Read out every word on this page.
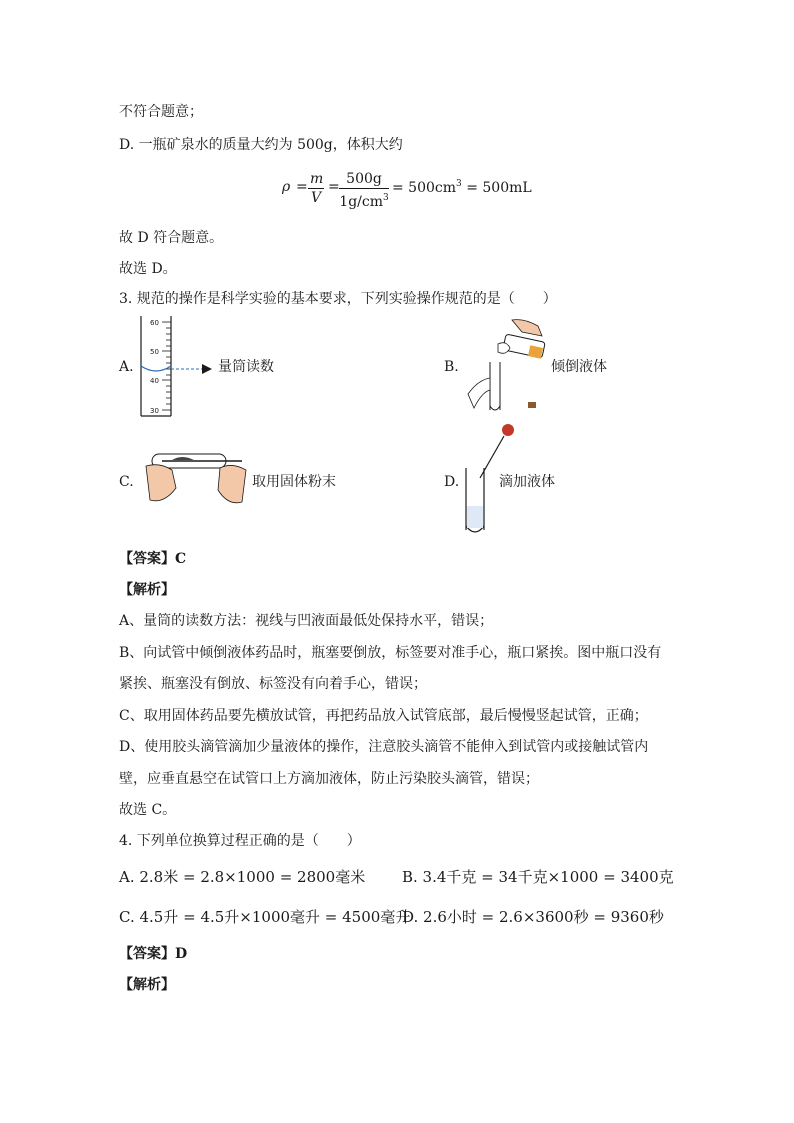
不符合题意；
D. 一瓶矿泉水的质量大约为 500g，体积大约
$\rho = \frac{m}{V} = \frac{500g}{1g/cm^3} = 500cm^3 = 500mL$
故 D 符合题意。
故选 D。
3. 规范的操作是科学实验的基本要求，下列实验操作规范的是（　　）
A.
60
50
40
30
量筒读数	B.	倾倒液体
C.	取用固体粉末	D.	滴加液体
【答案】C
【解析】
A、量筒的读数方法：视线与凹液面最低处保持水平，错误；
B、向试管中倾倒液体药品时，瓶塞要倒放，标签要对准手心，瓶口紧挨。图中瓶口没有
紧挨、瓶塞没有倒放、标签没有向着手心，错误；
C、取用固体药品要先横放试管，再把药品放入试管底部，最后慢慢竖起试管，正确；
D、使用胶头滴管滴加少量液体的操作，注意胶头滴管不能伸入到试管内或接触试管内
壁，应垂直悬空在试管口上方滴加液体，防止污染胶头滴管，错误；
故选 C。
4. 下列单位换算过程正确的是（　　）
A. 2.8米 = 2.8×1000 = 2800毫米 B. 3.4千克 = 34千克×1000 = 3400克
C. 4.5升 = 4.5升×1000毫升 = 4500毫升
D. 2.6小时 = 2.6×3600秒 = 9360秒
【答案】D
【解析】
